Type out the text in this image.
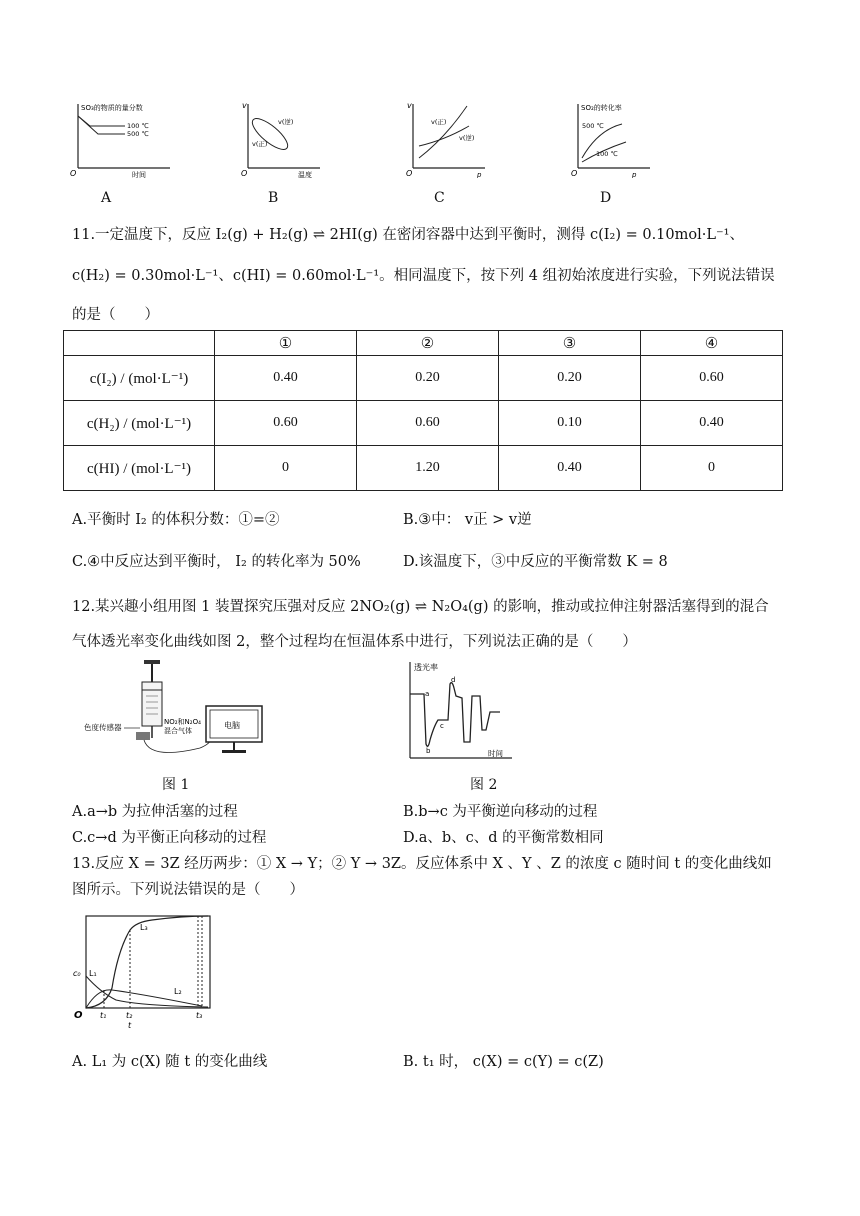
SO₃的物质的量分数
100 ℃
500 ℃
O	时间
A
v
v(逆)
v(正)
O	温度
B
v
v(正)
v(逆)
O	p
C
SO₂的转化率
500 ℃
100 ℃
O	p
D
11.一定温度下，反应 I₂(g) + H₂(g) ⇌ 2HI(g) 在密闭容器中达到平衡时，测得 c(I₂) = 0.10mol·L⁻¹、
c(H₂) = 0.30mol·L⁻¹、c(HI) = 0.60mol·L⁻¹。相同温度下，按下列 4 组初始浓度进行实验，下列说法错误
的是（　　）
	①	②	③	④
c(I₂) / (mol·L⁻¹)	0.40	0.20	0.20	0.60
c(H₂) / (mol·L⁻¹)	0.60	0.60	0.10	0.40
c(HI) / (mol·L⁻¹)	0	1.20	0.40	0
A.平衡时 I₂ 的体积分数：①=②	B.③中： v正 > v逆
C.④中反应达到平衡时， I₂ 的转化率为 50%	D.该温度下，③中反应的平衡常数 K = 8
12.某兴趣小组用图 1 装置探究压强对反应 2NO₂(g) ⇌ N₂O₄(g) 的影响，推动或拉伸注射器活塞得到的混合
气体透光率变化曲线如图 2，整个过程均在恒温体系中进行，下列说法正确的是（　　）
色度传感器
NO₂和N₂O₄
混合气体
电脑
图 1
透光率
时间
a
b
c
d
图 2
A.a→b 为拉伸活塞的过程	B.b→c 为平衡逆向移动的过程
C.c→d 为平衡正向移动的过程	D.a、b、c、d 的平衡常数相同
13.反应 X = 3Z 经历两步：① X → Y；② Y → 3Z。反应体系中 X 、Y 、Z 的浓度 c 随时间 t 的变化曲线如
图所示。下列说法错误的是（　　）
c₀ L₁
L₂
L₃
O t₁ t₂	t₃
t
A. L₁ 为 c(X) 随 t 的变化曲线	B. t₁ 时， c(X) = c(Y) = c(Z)
